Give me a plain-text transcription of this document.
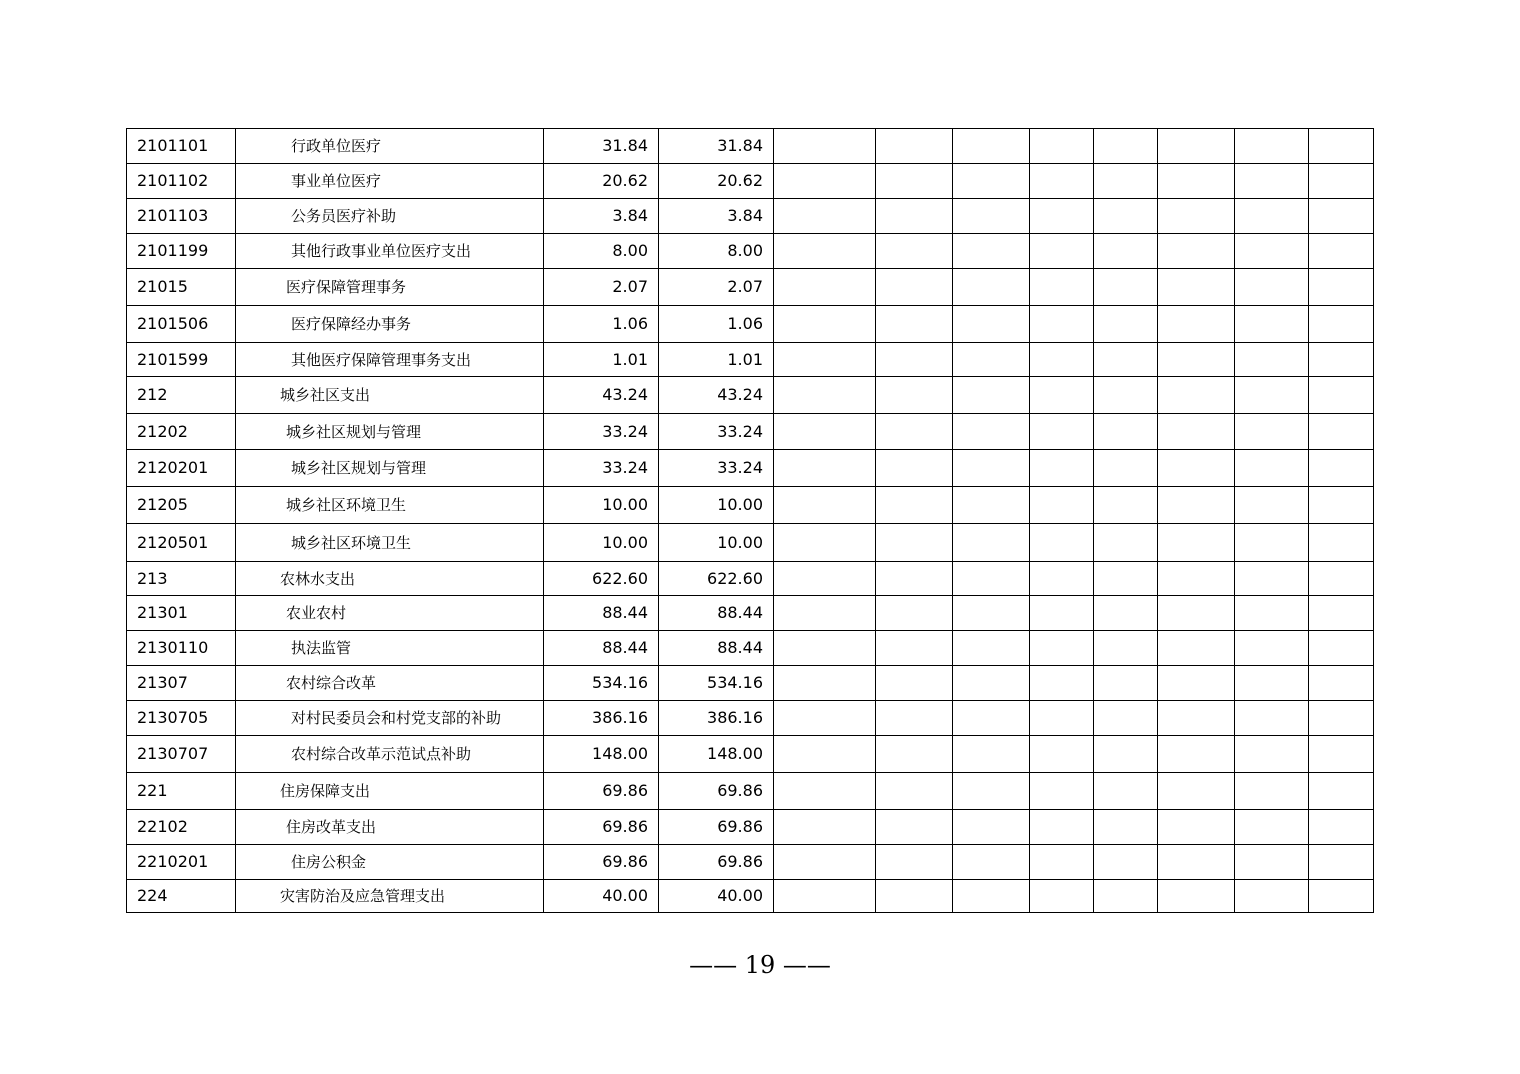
2101101	行政单位医疗	31.84	31.84								
2101102	事业单位医疗	20.62	20.62								
2101103	公务员医疗补助	3.84	3.84								
2101199	其他行政事业单位医疗支出	8.00	8.00								
21015	医疗保障管理事务	2.07	2.07								
2101506	医疗保障经办事务	1.06	1.06								
2101599	其他医疗保障管理事务支出	1.01	1.01								
212	城乡社区支出	43.24	43.24								
21202	城乡社区规划与管理	33.24	33.24								
2120201	城乡社区规划与管理	33.24	33.24								
21205	城乡社区环境卫生	10.00	10.00								
2120501	城乡社区环境卫生	10.00	10.00								
213	农林水支出	622.60	622.60								
21301	农业农村	88.44	88.44								
2130110	执法监管	88.44	88.44								
21307	农村综合改革	534.16	534.16								
2130705	对村民委员会和村党支部的补助	386.16	386.16								
2130707	农村综合改革示范试点补助	148.00	148.00								
221	住房保障支出	69.86	69.86								
22102	住房改革支出	69.86	69.86								
2210201	住房公积金	69.86	69.86								
224	灾害防治及应急管理支出	40.00	40.00								
—— 19 ——
